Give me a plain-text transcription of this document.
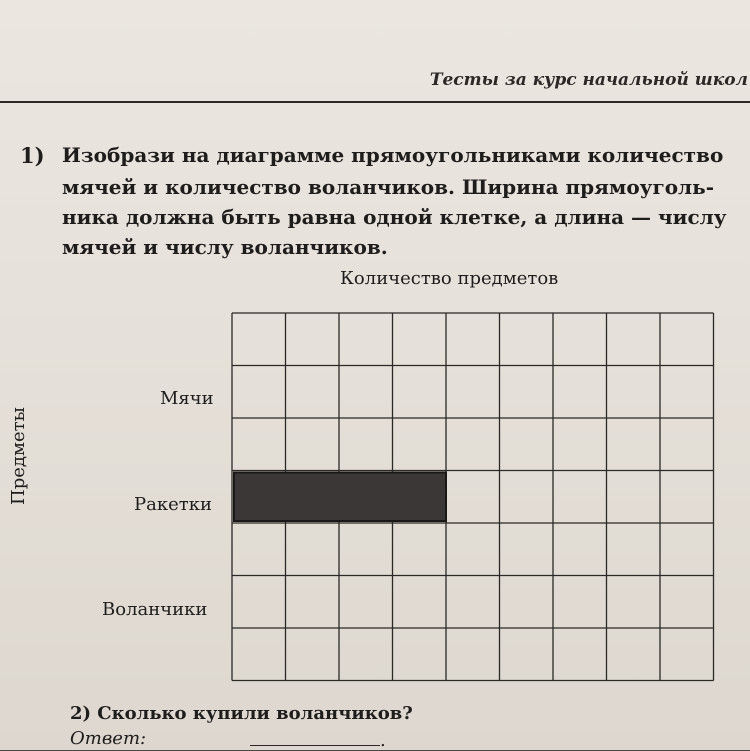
Тесты за курс начальной школ
1) Изобрази на диаграмме прямоугольниками количество
мячей и количество воланчиков. Ширина прямоуголь-
ника должна быть равна одной клетке, а длина — числу
мячей и числу воланчиков.
Количество предметов
Предметы
Мячи
Ракетки
Воланчики
2) Сколько купили воланчиков?
Ответ:	.
